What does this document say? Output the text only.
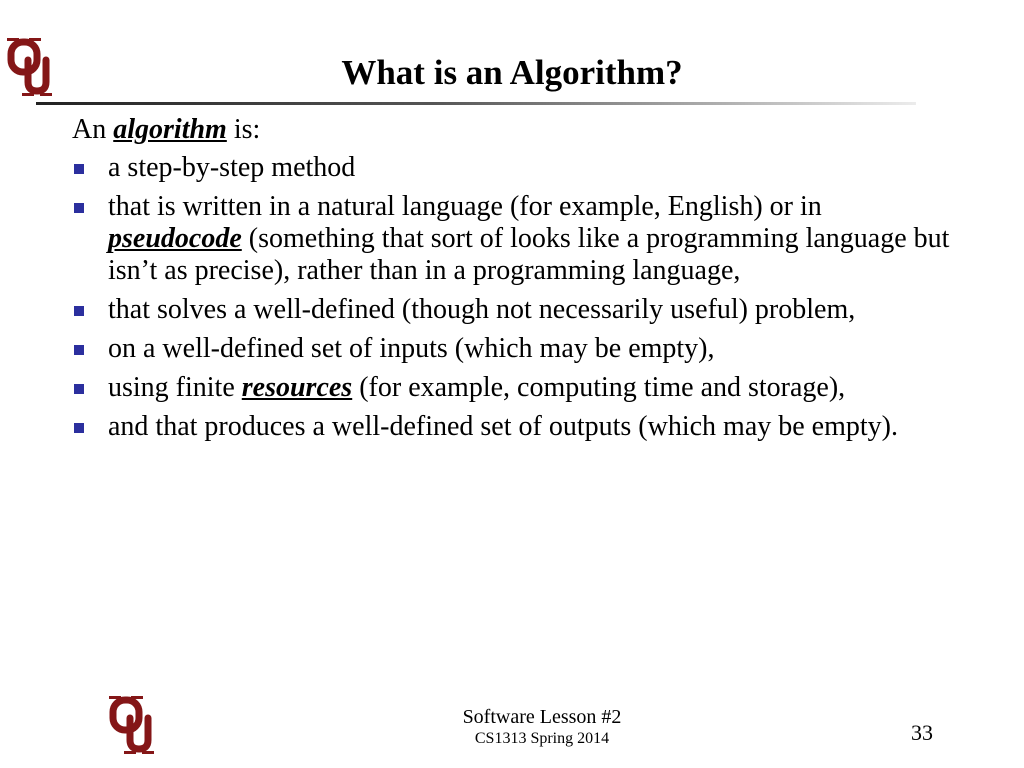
What is an Algorithm?

An algorithm is:

a step-by-step method
that is written in a natural language (for example, English) or in pseudocode (something that sort of looks like a programming language but isn’t as precise), rather than in a programming language,
that solves a well-defined (though not necessarily useful) problem,
on a well-defined set of inputs (which may be empty),
using finite resources (for example, computing time and storage),
and that produces a well-defined set of outputs (which may be empty).
Software Lesson #2
CS1313 Spring 2014	33
